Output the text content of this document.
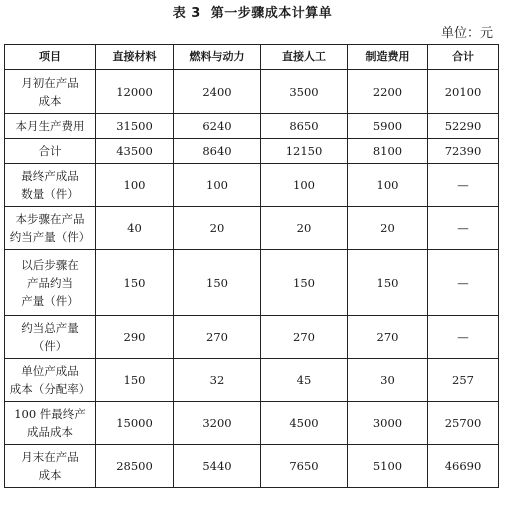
表 3 第一步骤成本计算单
单位：元
项目	直接材料	燃料与动力	直接人工	制造费用	合计
月初在产品
成本	12000	2400	3500	2200	20100
本月生产费用	31500	6240	8650	5900	52290
合计	43500	8640	12150	8100	72390
最终产成品
数量（件）	100	100	100	100	—
本步骤在产品
约当产量（件）	40	20	20	20	—
以后步骤在
产品约当
产量（件）	150	150	150	150	—
约当总产量
（件）	290	270	270	270	—
单位产成品
成本（分配率）	150	32	45	30	257
100 件最终产
成品成本	15000	3200	4500	3000	25700
月末在产品
成本	28500	5440	7650	5100	46690
